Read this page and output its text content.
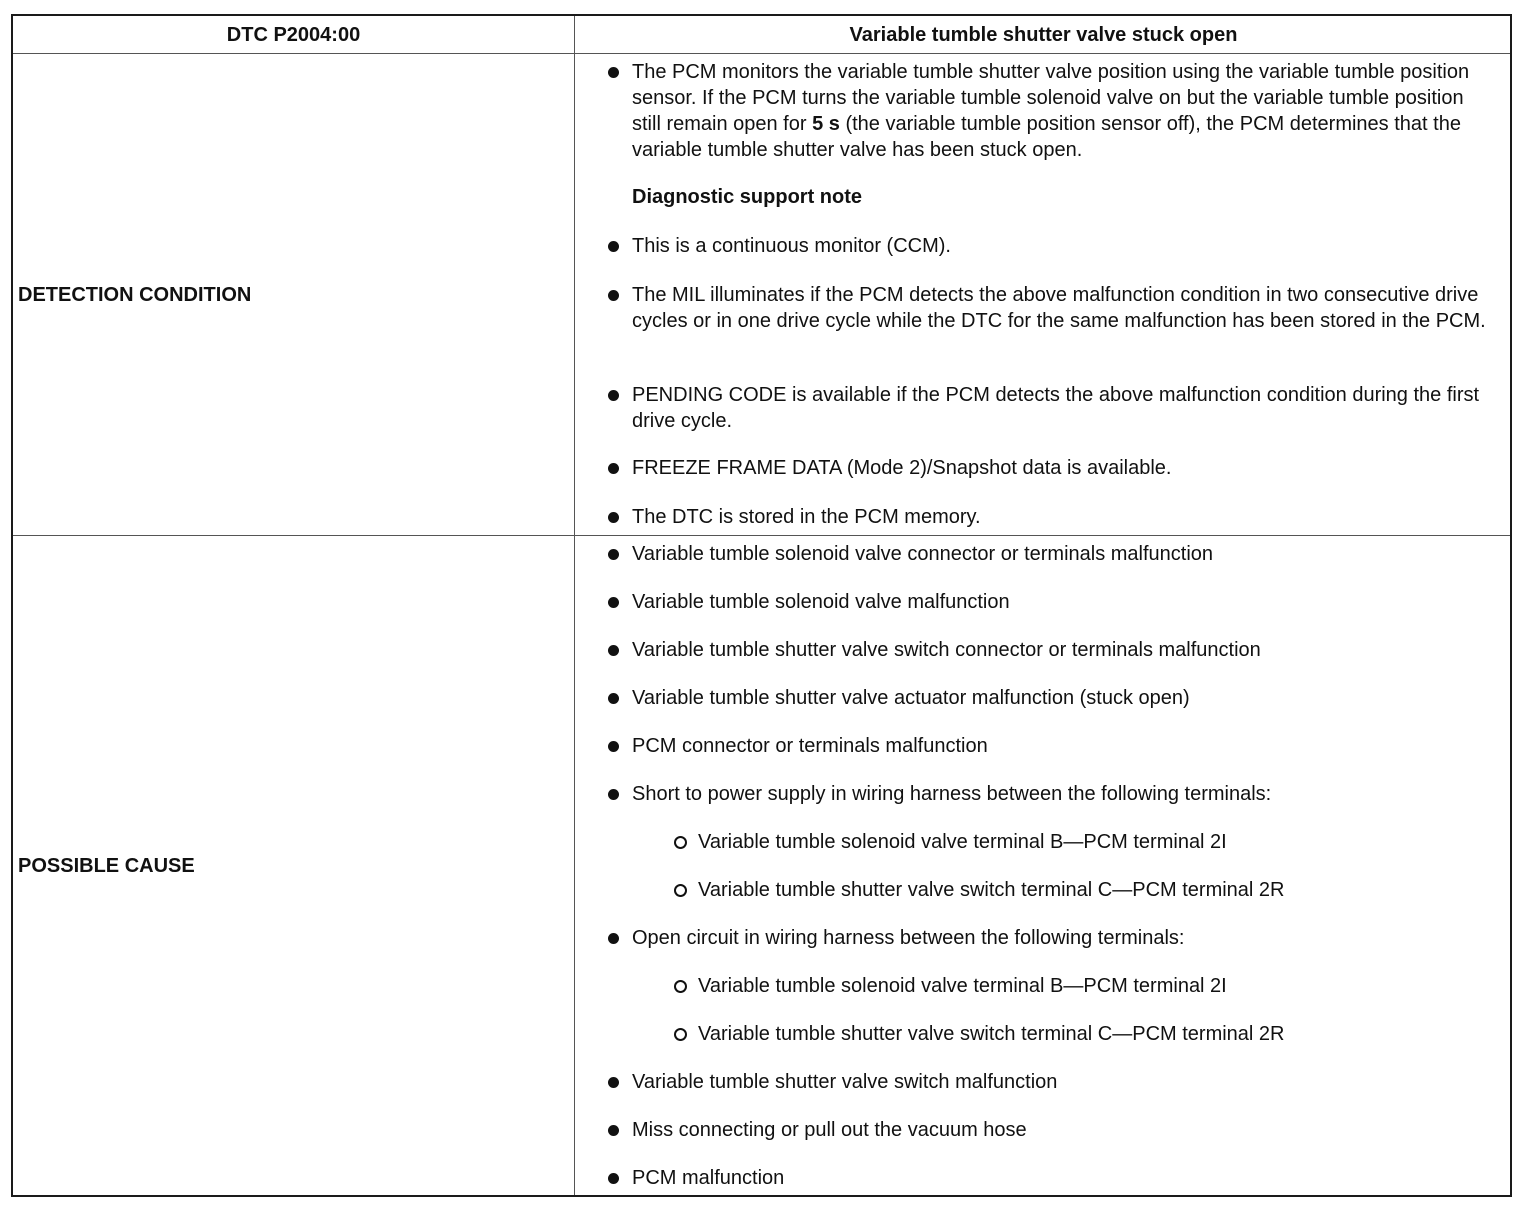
DTC P2004:00	Variable tumble shutter valve stuck open
DETECTION CONDITION
POSSIBLE CAUSE
The PCM monitors the variable tumble shutter valve position using the variable tumble position sensor. If the PCM turns the variable tumble solenoid valve on but the variable tumble position still remain open for 5 s (the variable tumble position sensor off), the PCM determines that the variable tumble shutter valve has been stuck open.
Diagnostic support note
This is a continuous monitor (CCM).
The MIL illuminates if the PCM detects the above malfunction condition in two consecutive drive cycles or in one drive cycle while the DTC for the same malfunction has been stored in the PCM.
PENDING CODE is available if the PCM detects the above malfunction condition during the first drive cycle.
FREEZE FRAME DATA (Mode 2)/Snapshot data is available.
The DTC is stored in the PCM memory.
Variable tumble solenoid valve connector or terminals malfunction
Variable tumble solenoid valve malfunction
Variable tumble shutter valve switch connector or terminals malfunction
Variable tumble shutter valve actuator malfunction (stuck open)
PCM connector or terminals malfunction
Short to power supply in wiring harness between the following terminals:
Variable tumble solenoid valve terminal B—PCM terminal 2I
Variable tumble shutter valve switch terminal C—PCM terminal 2R
Open circuit in wiring harness between the following terminals:
Variable tumble solenoid valve terminal B—PCM terminal 2I
Variable tumble shutter valve switch terminal C—PCM terminal 2R
Variable tumble shutter valve switch malfunction
Miss connecting or pull out the vacuum hose
PCM malfunction
